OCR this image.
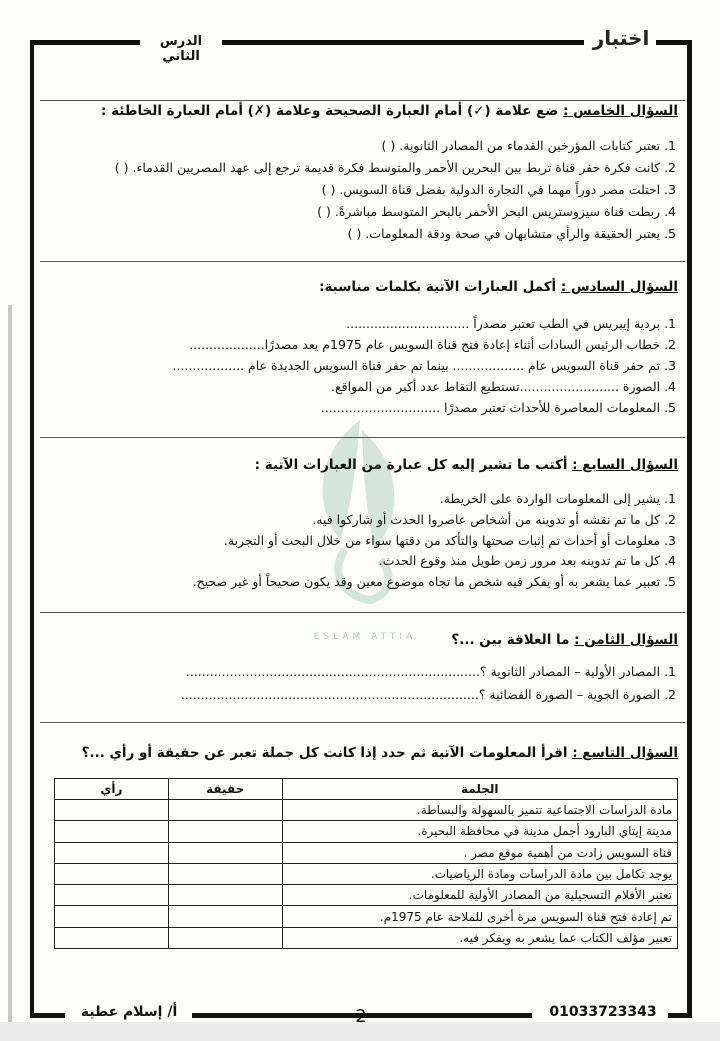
اختبار
الدرس الثاني
ESLAM ATTIA
السؤال الخامس : ضع علامة (✓) أمام العبارة الصحيحة وعلامة (✗) أمام العبارة الخاطئة :
1. تعتبر كتابات المؤرخين القدماء من المصادر الثانوية. ( )
2. كانت فكرة حفر قناة تربط بين البحرين الأحمر والمتوسط فكرة قديمة ترجع إلى عهد المصريين القدماء. ( )
3. احتلت مصر دوراً مهما في التجارة الدولية بفضل قناة السويس. ( )
4. ربطت قناة سيزوستريس البحر الأحمر بالبحر المتوسط مباشرةً. ( )
5. يعتبر الحقيقة والرأي متشابهان في صحة ودقة المعلومات. ( )
السؤال السادس : أكمل العبارات الآتية بكلمات مناسبة:
1. بردية إيبريس في الطب تعتبر مصدراً ...............................
2. خطاب الرئيس السادات أثناء إعادة فتح قناة السويس عام 1975م يعد مصدرًا...................
3. تم حفر قناة السويس عام .................. بينما تم حفر قناة السويس الجديدة عام ..................
4. الصورة .........................تستطيع التقاط عدد أكبر من المواقع.
5. المعلومات المعاصرة للأحداث تعتبر مصدرًا ..............................
السؤال السابع : أكتب ما تشير إليه كل عبارة من العبارات الآتية :
1. يشير إلى المعلومات الواردة على الخريطة.
2. كل ما تم نقشه أو تدوينه من أشخاص عاصروا الحدث أو شاركوا فيه.
3. معلومات أو أحداث تم إثبات صحتها والتأكد من دقتها سواء من خلال البحث أو التجربة.
4. كل ما تم تدوينه بعد مرور زمن طويل منذ وقوع الحدث.
5. تعبير عما يشعر به أو يفكر فيه شخص ما تجاه موضوع معين وقد يكون صحيحاً أو غير صحيح.
السؤال الثامن : ما العلاقة بين ...؟
1. المصادر الأولية – المصادر الثانوية ؟..........................................................................
2. الصورة الجوية – الصورة الفضائية ؟...........................................................................
السؤال التاسع : اقرأ المعلومات الآتية ثم حدد إذا كانت كل جملة تعبر عن حقيقة أو رأي ...؟
الجلمة	حقيقة	رأي
مادة الدراسات الاجتماعية تتميز بالسهولة والبساطة.		
مدينة إيتاي البارود أجمل مدينة في محافظة البحيرة.		
قناة السويس زادت من أهمية موقع مصر .		
يوجد تكامل بين مادة الدراسات ومادة الرياضيات.		
تعتبر الأفلام التسجيلية من المصادر الأولية للمعلومات.		
تم إعادة فتح قناة السويس مرة أخرى للملاحة عام 1975م.		
تعبير مؤلف الكتاب عما يشعر به ويفكر فيه.		
01033723343
2
أ/ إسلام عطية
